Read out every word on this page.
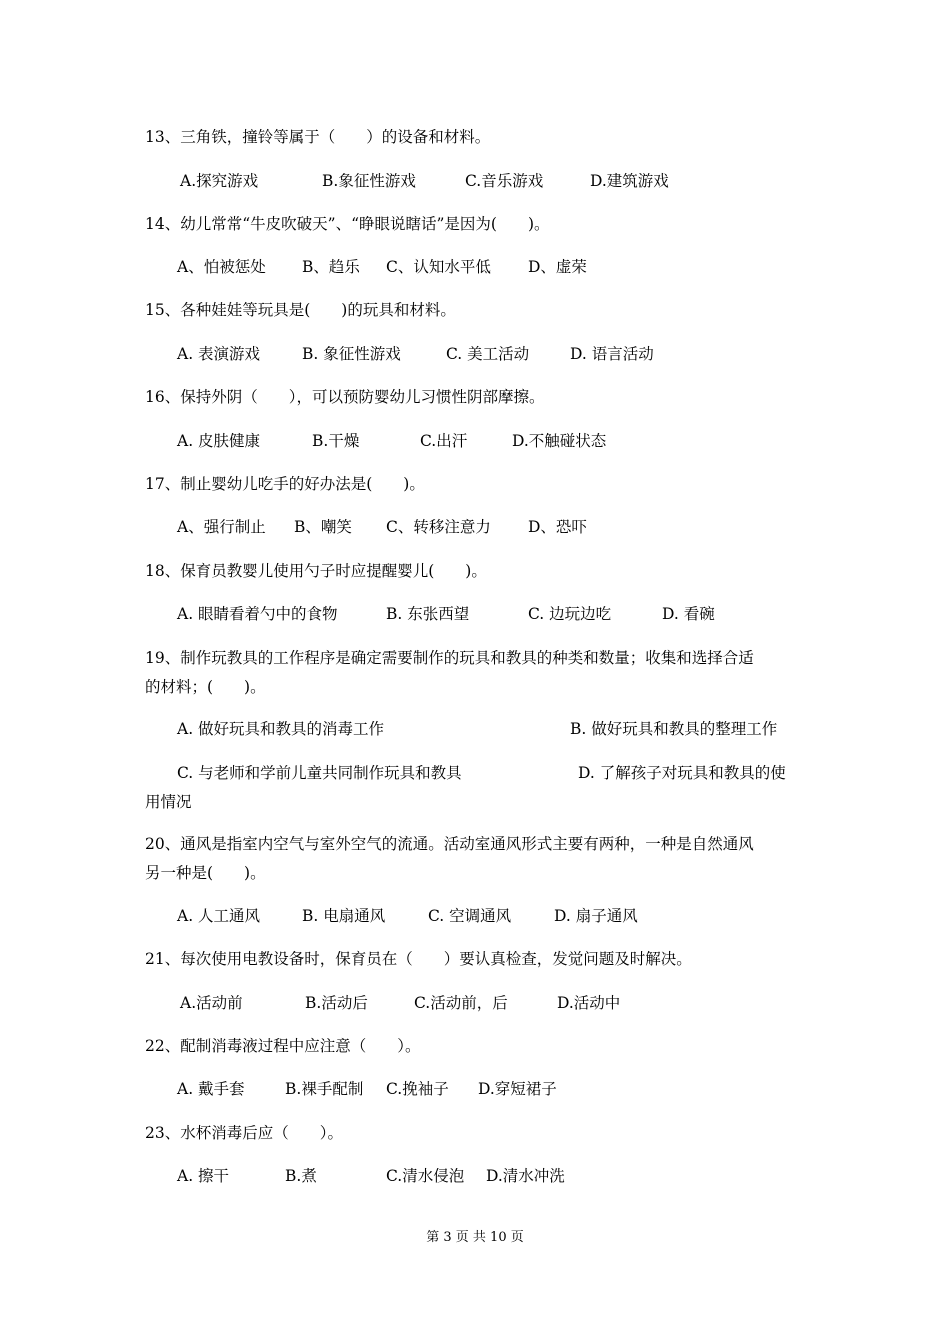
13、三角铁，撞铃等属于（　　）的设备和材料。
A.探究游戏	B.象征性游戏	C.音乐游戏	D.建筑游戏
14、幼儿常常“牛皮吹破天”、“睁眼说瞎话”是因为(　　)。
A、怕被惩处 B、趋乐 C、认知水平低 D、虚荣
15、各种娃娃等玩具是(　　)的玩具和材料。
A. 表演游戏	B. 象征性游戏	C. 美工活动	D. 语言活动
16、保持外阴（　　），可以预防婴幼儿习惯性阴部摩擦。
A. 皮肤健康	B.干燥	C.出汗	D.不触碰状态
17、制止婴幼儿吃手的好办法是(　　)。
A、强行制止 B、嘲笑 C、转移注意力 D、恐吓
18、保育员教婴儿使用勺子时应提醒婴儿(　　)。
A. 眼睛看着勺中的食物	B. 东张西望	C. 边玩边吃	D. 看碗
19、制作玩教具的工作程序是确定需要制作的玩具和教具的种类和数量；收集和选择合适
的材料；(　　)。
A. 做好玩具和教具的消毒工作	B. 做好玩具和教具的整理工作
C. 与老师和学前儿童共同制作玩具和教具	D. 了解孩子对玩具和教具的使
用情况
20、通风是指室内空气与室外空气的流通。活动室通风形式主要有两种，一种是自然通风
另一种是(　　)。
A. 人工通风	B. 电扇通风	C. 空调通风	D. 扇子通风
21、每次使用电教设备时，保育员在（　　）要认真检查，发觉问题及时解决。
A.活动前	B.活动后	C.活动前，后	D.活动中
22、配制消毒液过程中应注意（　　）。
A. 戴手套	B.裸手配制 C.挽袖子 D.穿短裙子
23、水杯消毒后应（　　）。
A. 擦干	B.煮	C.清水侵泡 D.清水冲洗
第 3 页 共 10 页
